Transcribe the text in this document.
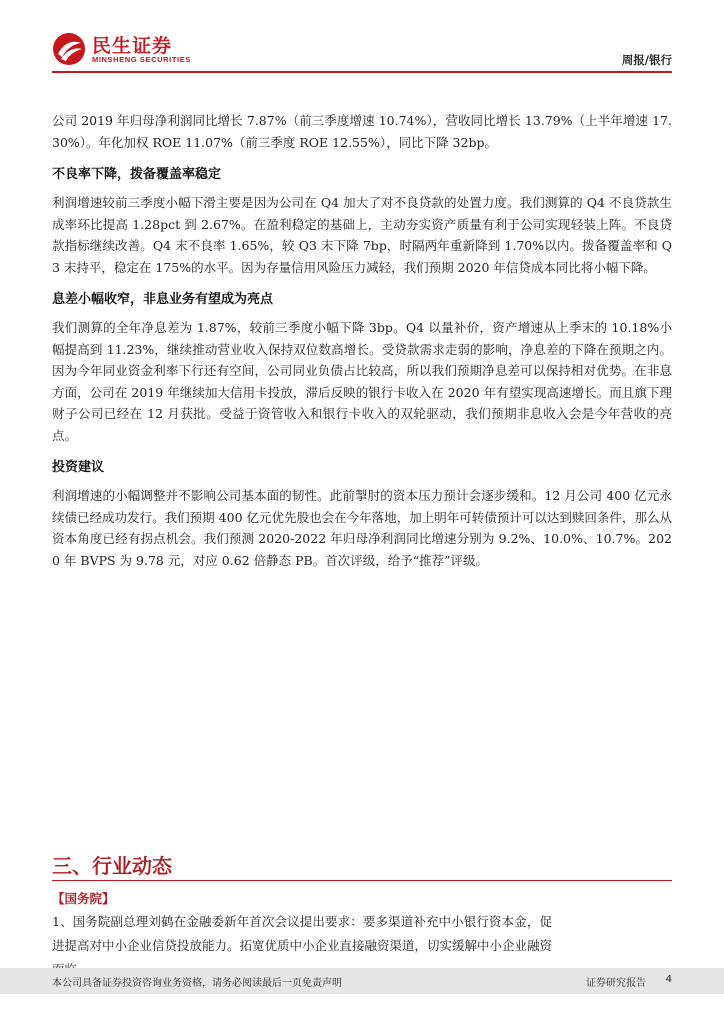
民生证券
MINSHENG SECURITIES	周报/银行

公司 2019 年归母净利润同比增长 7.87%（前三季度增速 10.74%），营收同比增长 13.79%（上半年增速 17.30%）。年化加权 ROE 11.07%（前三季度 ROE 12.55%），同比下降 32bp。

不良率下降，拨备覆盖率稳定

利润增速较前三季度小幅下滑主要是因为公司在 Q4 加大了对不良贷款的处置力度。我们测算的 Q4 不良贷款生成率环比提高 1.28pct 到 2.67%。在盈利稳定的基础上，主动夯实资产质量有利于公司实现轻装上阵。不良贷款指标继续改善。Q4 末不良率 1.65%，较 Q3 末下降 7bp，时隔两年重新降到 1.70%以内。拨备覆盖率和 Q3 末持平，稳定在 175%的水平。因为存量信用风险压力减轻，我们预期 2020 年信贷成本同比将小幅下降。

息差小幅收窄，非息业务有望成为亮点

我们测算的全年净息差为 1.87%，较前三季度小幅下降 3bp。Q4 以量补价，资产增速从上季末的 10.18%小幅提高到 11.23%，继续推动营业收入保持双位数高增长。受贷款需求走弱的影响，净息差的下降在预期之内。因为今年同业资金利率下行还有空间，公司同业负债占比较高，所以我们预期净息差可以保持相对优势。在非息方面，公司在 2019 年继续加大信用卡投放，滞后反映的银行卡收入在 2020 年有望实现高速增长。而且旗下理财子公司已经在 12 月获批。受益于资管收入和银行卡收入的双轮驱动，我们预期非息收入会是今年营收的亮点。

投资建议

利润增速的小幅调整并不影响公司基本面的韧性。此前掣肘的资本压力预计会逐步缓和。12 月公司 400 亿元永续债已经成功发行。我们预期 400 亿元优先股也会在今年落地，加上明年可转债预计可以达到赎回条件，那么从资本角度已经有拐点机会。我们预测 2020-2022 年归母净利润同比增速分别为 9.2%、10.0%、10.7%。2020 年 BVPS 为 9.78 元，对应 0.62 倍静态 PB。首次评级，给予“推荐”评级。

三、行业动态
【国务院】
1、国务院副总理刘鹤在金融委新年首次会议提出要求：要多渠道补充中小银行资本金，促进提高对中小企业信贷投放能力。拓宽优质中小企业直接融资渠道，切实缓解中小企业融资
本公司具备证券投资咨询业务资格，请务必阅读最后一页免责声明	证券研究报告 4
